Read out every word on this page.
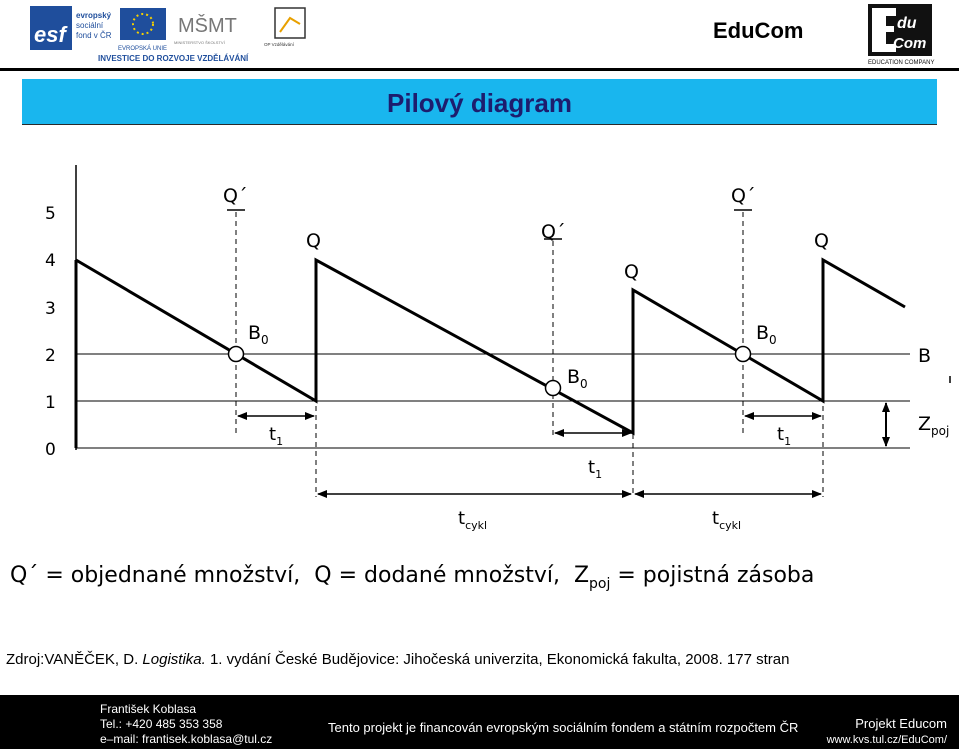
esf
evropský
sociální
fond v ČR
EVROPSKÁ UNIE
MŠMT
MINISTERSTVO ŠKOLSTVÍ	OP Vzdělávání
INVESTICE DO ROZVOJE VZDĚLÁVÁNÍ
EduCom	du
Com
EDUCATION COMPANY
Pilový diagram
0
1
2
3
4
5
Q´
Q´
Q´
Q
Q
Q
$B_0$
$B_0$
$B_0$
B
$t_1$
$t_1$
$t_1$
$t_{cykl}$	$t_{cykl}$
$Z_{poj}$
Q´ = objednané množství, Q = dodané množství, $Z_{poj}$ = pojistná zásoba
Zdroj:VANĚČEK, D. Logistika. 1. vydání České Budějovice: Jihočeská univerzita, Ekonomická fakulta, 2008. 177 stran
František Koblasa
Tel.: +420 485 353 358
e–mail: frantisek.koblasa@tul.cz
Tento projekt je financován evropským sociálním fondem a státním rozpočtem ČR	Projekt Educom
www.kvs.tul.cz/EduCom/
